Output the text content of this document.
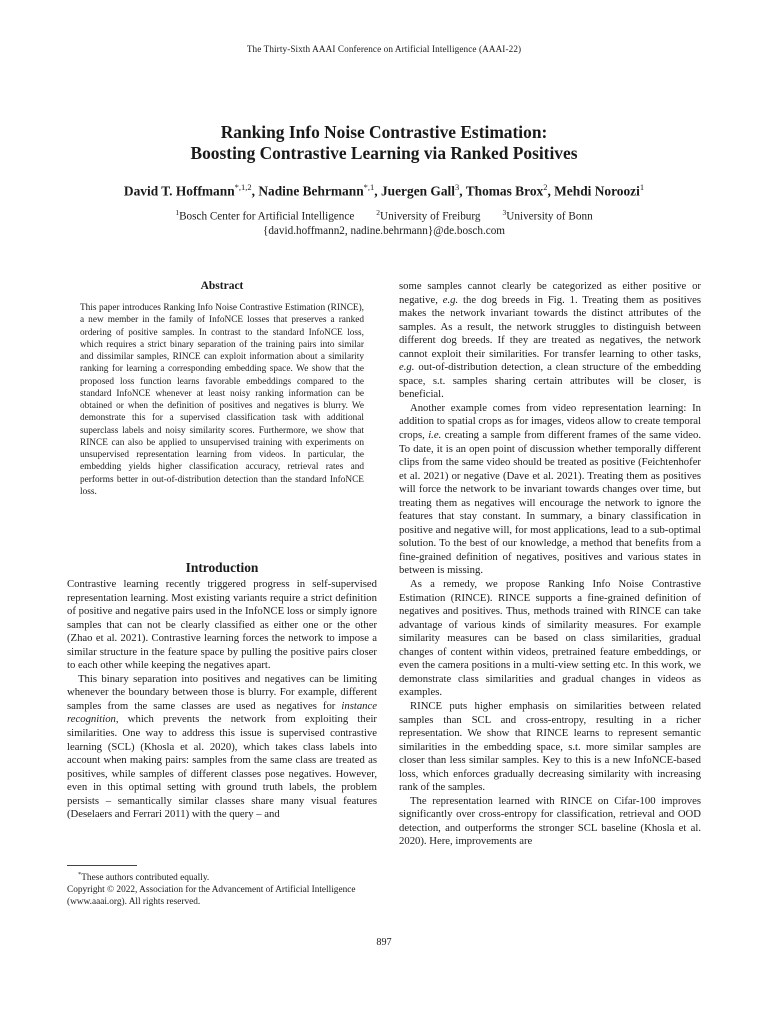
The Thirty-Sixth AAAI Conference on Artificial Intelligence (AAAI-22)
Ranking Info Noise Contrastive Estimation:
Boosting Contrastive Learning via Ranked Positives
David T. Hoffmann$^{*,1,2}$, Nadine Behrmann$^{*,1}$, Juergen Gall$^3$, Thomas Brox$^2$, Mehdi Noroozi$^1$
$^1$Bosch Center for Artificial Intelligence	$^2$University of Freiburg	$^3$University of Bonn
{david.hoffmann2, nadine.behrmann}@de.bosch.com
Abstract
This paper introduces Ranking Info Noise Contrastive Estimation (RINCE), a new member in the family of InfoNCE losses that preserves a ranked ordering of positive samples. In contrast to the standard InfoNCE loss, which requires a strict binary separation of the training pairs into similar and dissimilar samples, RINCE can exploit information about a similarity ranking for learning a corresponding embedding space. We show that the proposed loss function learns favorable embeddings compared to the standard InfoNCE whenever at least noisy ranking information can be obtained or when the definition of positives and negatives is blurry. We demonstrate this for a supervised classification task with additional superclass labels and noisy similarity scores. Furthermore, we show that RINCE can also be applied to unsupervised training with experiments on unsupervised representation learning from videos. In particular, the embedding yields higher classification accuracy, retrieval rates and performs better in out-of-distribution detection than the standard InfoNCE loss.
Introduction

Contrastive learning recently triggered progress in self-supervised representation learning. Most existing variants require a strict definition of positive and negative pairs used in the InfoNCE loss or simply ignore samples that can not be clearly classified as either one or the other (Zhao et al. 2021). Contrastive learning forces the network to impose a similar structure in the feature space by pulling the positive pairs closer to each other while keeping the negatives apart.

This binary separation into positives and negatives can be limiting whenever the boundary between those is blurry. For example, different samples from the same classes are used as negatives for instance recognition, which prevents the network from exploiting their similarities. One way to address this issue is supervised contrastive learning (SCL) (Khosla et al. 2020), which takes class labels into account when making pairs: samples from the same class are treated as positives, while samples of different classes pose negatives. However, even in this optimal setting with ground truth labels, the problem persists – semantically similar classes share many visual features (Deselaers and Ferrari 2011) with the query – and

some samples cannot clearly be categorized as either positive or negative, e.g. the dog breeds in Fig. 1. Treating them as positives makes the network invariant towards the distinct attributes of the samples. As a result, the network struggles to distinguish between different dog breeds. If they are treated as negatives, the network cannot exploit their similarities. For transfer learning to other tasks, e.g. out-of-distribution detection, a clean structure of the embedding space, s.t. samples sharing certain attributes will be closer, is beneficial.

Another example comes from video representation learning: In addition to spatial crops as for images, videos allow to create temporal crops, i.e. creating a sample from different frames of the same video. To date, it is an open point of discussion whether temporally different clips from the same video should be treated as positive (Feichtenhofer et al. 2021) or negative (Dave et al. 2021). Treating them as positives will force the network to be invariant towards changes over time, but treating them as negatives will encourage the network to ignore the features that stay constant. In summary, a binary classification in positive and negative will, for most applications, lead to a sub-optimal solution. To the best of our knowledge, a method that benefits from a fine-grained definition of negatives, positives and various states in between is missing.

As a remedy, we propose Ranking Info Noise Contrastive Estimation (RINCE). RINCE supports a fine-grained definition of negatives and positives. Thus, methods trained with RINCE can take advantage of various kinds of similarity measures. For example similarity measures can be based on class similarities, gradual changes of content within videos, pretrained feature embeddings, or even the camera positions in a multi-view setting etc. In this work, we demonstrate class similarities and gradual changes in videos as examples.

RINCE puts higher emphasis on similarities between related samples than SCL and cross-entropy, resulting in a richer representation. We show that RINCE learns to represent semantic similarities in the embedding space, s.t. more similar samples are closer than less similar samples. Key to this is a new InfoNCE-based loss, which enforces gradually decreasing similarity with increasing rank of the samples.

The representation learned with RINCE on Cifar-100 improves significantly over cross-entropy for classification, retrieval and OOD detection, and outperforms the stronger SCL baseline (Khosla et al. 2020). Here, improvements are

*These authors contributed equally.

Copyright © 2022, Association for the Advancement of Artificial Intelligence (www.aaai.org). All rights reserved.

897
